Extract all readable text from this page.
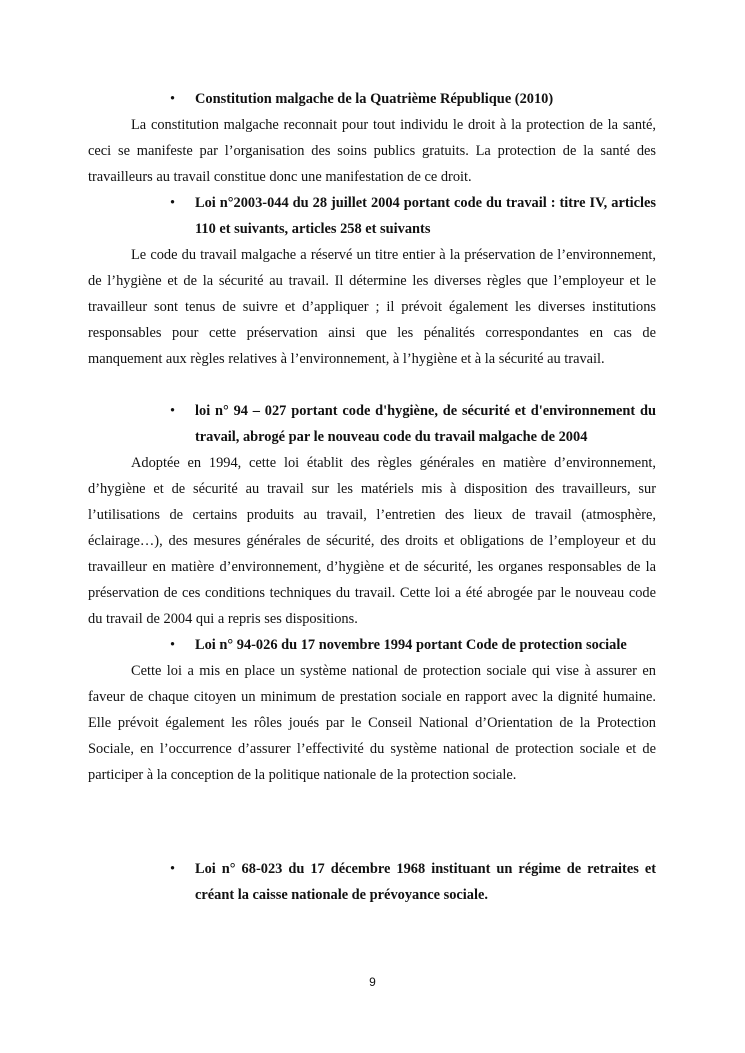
•	Constitution malgache de la Quatrième République (2010)
La constitution malgache reconnait pour tout individu le droit à la protection de la santé, ceci se manifeste par l’organisation des soins publics gratuits. La protection de la santé des travailleurs au travail constitue donc une manifestation de ce droit.
•	Loi n°2003-044 du 28 juillet 2004 portant code du travail : titre IV, articles 110 et suivants, articles 258 et suivants
Le code du travail malgache a réservé un titre entier à la préservation de l’environnement, de l’hygiène et de la sécurité au travail. Il détermine les diverses règles que l’employeur et le travailleur sont tenus de suivre et d’appliquer ; il prévoit également les diverses institutions responsables pour cette préservation ainsi que les pénalités correspondantes en cas de manquement aux règles relatives à l’environnement, à l’hygiène et à la sécurité au travail.
•	loi n° 94 – 027 portant code d'hygiène, de sécurité et d'environnement du travail, abrogé par le nouveau code du travail malgache de 2004
Adoptée en 1994, cette loi établit des règles générales en matière d’environnement, d’hygiène et de sécurité au travail sur les matériels mis à disposition des travailleurs, sur l’utilisations de certains produits au travail, l’entretien des lieux de travail (atmosphère, éclairage…), des mesures générales de sécurité, des droits et obligations de l’employeur et du travailleur en matière d’environnement, d’hygiène et de sécurité, les organes responsables de la préservation de ces conditions techniques du travail. Cette loi a été abrogée par le nouveau code du travail de 2004 qui a repris ses dispositions.
•	Loi n° 94-026 du 17 novembre 1994 portant Code de protection sociale
Cette loi a mis en place un système national de protection sociale qui vise à assurer en faveur de chaque citoyen un minimum de prestation sociale en rapport avec la dignité humaine. Elle prévoit également les rôles joués par le Conseil National d’Orientation de la Protection Sociale, en l’occurrence d’assurer l’effectivité du système national de protection sociale et de participer à la conception de la politique nationale de la protection sociale.
•	Loi n° 68-023 du 17 décembre 1968 instituant un régime de retraites et créant la caisse nationale de prévoyance sociale.
9
